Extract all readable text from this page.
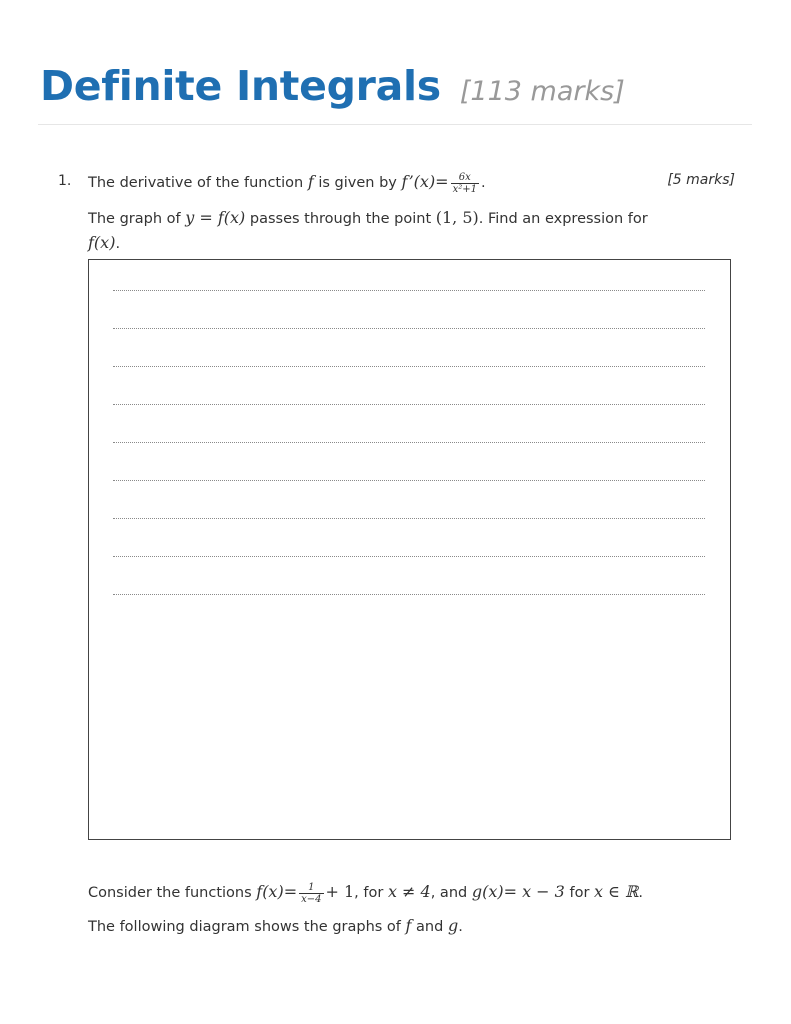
Definite Integrals [113 marks]
1.	[5 marks]
The derivative of the function f is given by f’(x)= $\frac{6x}{\text{x²+1}}$ .
The graph of y = f(x) passes through the point (1, 5). Find an expression for
f(x).
Consider the functions $f(x)= \frac{1}{x-4} + 1$, for x ≠ 4, and g(x)= x − 3 for x ∈ ℝ.
The following diagram shows the graphs of f and g.
